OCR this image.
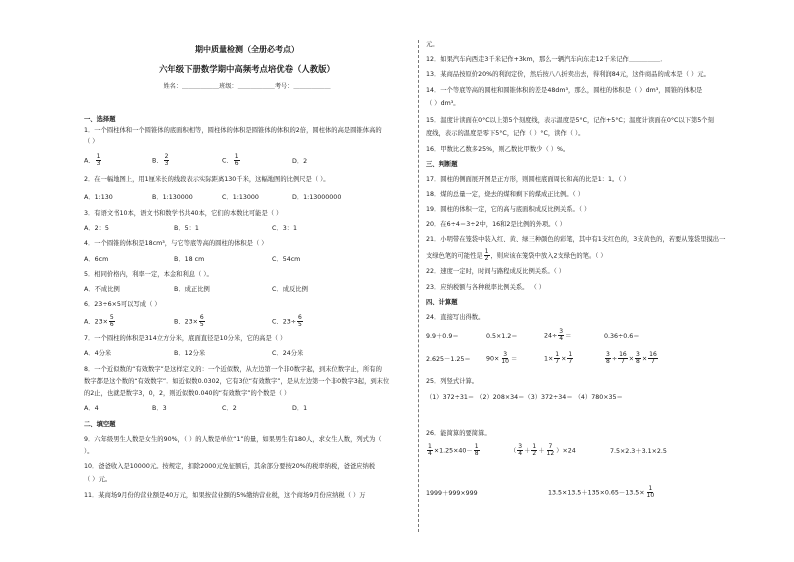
期中质量检测（全册必考点）
六年级下册数学期中高频考点培优卷（人教版）
姓名：＿＿＿＿＿＿班级：＿＿＿＿＿＿考号：＿＿＿＿＿＿
一、选择题
1．一个圆柱体和一个圆锥体的底面积相等，圆柱体的体积是圆锥体的体积的2倍，圆柱体的高是圆锥体高的
（ ）
A． $\frac{1}{3}$	B． $\frac{2}{3}$	C． $\frac{1}{6}$	D．2
2．在一幅地图上，用1厘米长的线段表示实际距离130千米，这幅地图的比例尺是（ ）。
A．1:130	B．1:130000	C．1:13000	D．1:13000000
3．有语文书10本，语文书和数学书共40本，它们的本数比可能是（ ）
A．2：5	B．5：1	C．3：1
4．一个圆锥的体积是18cm³，与它等底等高的圆柱的体积是（ ）
A．6cm	B．18 cm	C．54cm
5．相同价格内，利率一定，本金和利息（ ）。
A．不成比例	B．成正比例	C．成反比例
6．23÷6×5可以写成（ ）
A．$23\times \frac{5}{6}$	B．$23\times \frac{6}{5}$	C．$23\div \frac{6}{5}$
7．一个圆柱的体积是314立方分米，底面直径是10分米，它的高是（ ）
A．4分米	B．12分米	C．24分米
8．一个近似数的“有效数字”是这样定义的：一个近似数，从左边第一个非0数字起，到末位数字止，所有的
数字都是这个数的“有效数字”．如近似数0.0302，它有3位“有效数字”，是从左边第一个非0数字3起，到末位
的2止，也就是数字3，0，2，则近似数0.040的“有效数字”的个数是（ ）
A．4	B．3	C．2	D．1
二、填空题
9．六年级男生人数是女生的90%，（ ）的人数是单位“1”的量，如果男生有180人，求女生人数，列式为（
）。
10．爸爸收入是10000元。按规定，扣除2000元免征额后，其余部分要按20%的税率纳税，爸爸应纳税
（ ）元。
11．某商场9月份的营业额是40万元，如果按营业额的5%缴纳营业税，这个商场9月份应纳税（ ）万
元。
12．如果汽车向西走3千米记作+3km，那么一辆汽车向东走12千米记作＿＿＿＿＿．
13．某商品按原价20%的利润定价，然后按八八折卖出去，得利润84元，这件商品的成本是（ ）元。
14．一个等底等高的圆柱和圆锥体积的差是48dm³，那么，圆柱的体积是（ ）dm³，圆锥的体积是
（ ）dm³。
15．温度计读面在0°C以上第5个刻度线，表示温度是5°C，记作+5°C；温度计读面在0°C以下第5个刻
度线，表示的温度是零下5°C，记作（ ）°C，读作（ ）。
16．甲数比乙数多25%，则乙数比甲数少（ ）%。
三、判断题
17．圆柱的侧面展开图是正方形，则圆柱底面周长和高的比是1：1。（ ）
18．煤的总量一定，烧去的煤和剩下的煤成正比例。（ ）
19．圆柱的体积一定，它的高与底面积成反比例关系。（ ）
20．在6÷4＝3÷2中，16和2是比例的外项。（ ）
21．小明带在笼袋中装入红、黄、绿三种颜色的彩笔，其中有1支红色的，3支黄色的，若要从笼袋里摸出一
支绿色笔的可能性是 $\frac{1}{2}$ ，则应该在笼袋中放入2支绿色的笔。（ ）
22．速度一定时，时间与路程成反比例关系。（ ）
23．应纳税额与各种税率比例关系。 （ ）
四、计算题
24．直接写出得数。
9.9＋0.9＝	0.5×1.2＝	$24\div \frac{3}{4}$ ＝	0.36÷0.6＝
$2.625-1.25= 90\times \frac{3}{10}$ ＝	$1\times \frac{1}{7} \times \frac{1}{7}$	$\frac{3}{8} \div \frac{16}{7} \times \frac{3}{8} \times \frac{16}{7}$
25．列竖式计算。
（1）372÷31＝ （2）208×34＝（3）372÷34＝ （4）780×35＝
26．能简算的要简算。
$\frac{1}{4} \times 1.25\times 40- \frac{1}{8}$	（ $\frac{3}{4} + \frac{1}{2} + \frac{7}{12} )\times 24$	7.5×2.3＋3.1×2.5
1999＋999×999	$13.5\times 13.5+135\times 0.65-13.5\times \frac{1}{10}$
